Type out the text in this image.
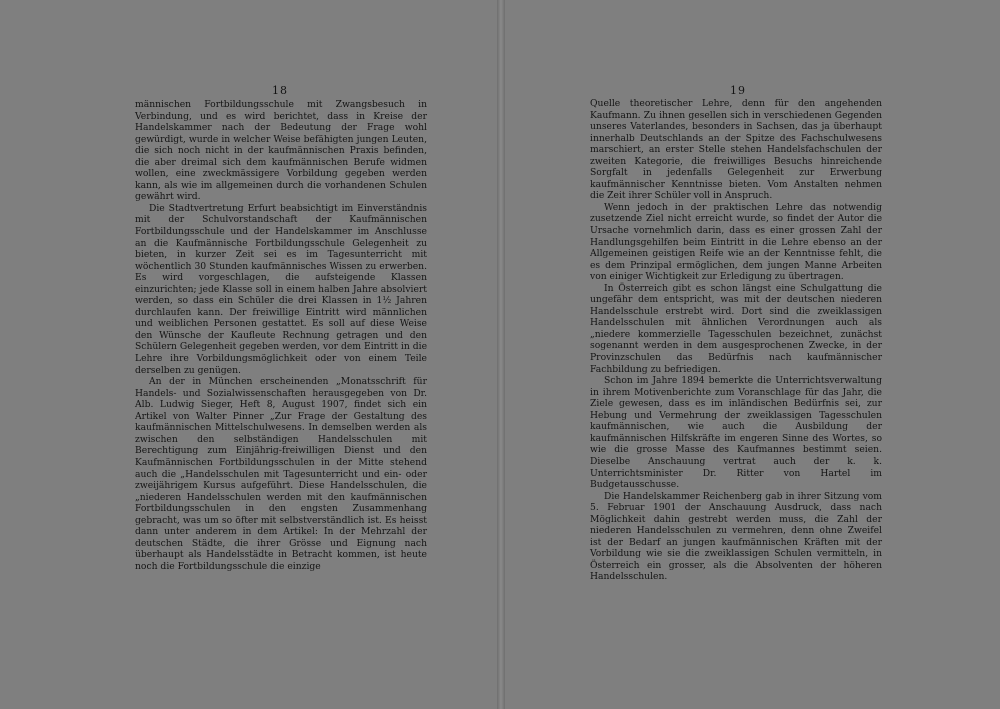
18	19

männischen Fortbildungsschule mit Zwangsbesuch in Verbindung, und es wird berichtet, dass in Kreise der Handelskammer nach der Bedeutung der Frage wohl gewürdigt, wurde in welcher Weise befähigten jungen Leuten, die sich noch nicht in der kaufmännischen Praxis befinden, die aber dreimal sich dem kaufmännischen Berufe widmen wollen, eine zweckmässigere Vorbildung gegeben werden kann, als wie im allgemeinen durch die vorhandenen Schulen gewährt wird.

Die Stadtvertretung Erfurt beabsichtigt im Einverständnis mit der Schulvorstandschaft der Kaufmännischen Fortbildungsschule und der Handelskammer im Anschlusse an die Kaufmännische Fortbildungsschule Gelegenheit zu bieten, in kurzer Zeit sei es im Tagesunterricht mit wöchentlich 30 Stunden kaufmännisches Wissen zu erwerben. Es wird vorgeschlagen, die aufsteigende Klassen einzurichten; jede Klasse soll in einem halben Jahre absolviert werden, so dass ein Schüler die drei Klassen in 1½ Jahren durchlaufen kann. Der freiwillige Eintritt wird männlichen und weiblichen Personen gestattet. Es soll auf diese Weise den Wünsche der Kaufleute Rechnung getragen und den Schülern Gelegenheit gegeben werden, vor dem Eintritt in die Lehre ihre Vorbildungsmöglichkeit oder von einem Teile derselben zu genügen.

An der in München erscheinenden „Monatsschrift für Handels- und Sozialwissenschaften herausgegeben von Dr. Alb. Ludwig Sieger, Heft 8, August 1907, findet sich ein Artikel von Walter Pinner „Zur Frage der Gestaltung des kaufmännischen Mittelschulwesens. In demselben werden als zwischen den selbständigen Handelsschulen mit Berechtigung zum Einjährig-freiwilligen Dienst und den Kaufmännischen Fortbildungsschulen in der Mitte stehend auch die „Handelsschulen mit Tagesunterricht und ein- oder zweijährigem Kursus aufgeführt. Diese Handelsschulen, die „niederen Handelsschulen werden mit den kaufmännischen Fortbildungsschulen in den engsten Zusammenhang gebracht, was um so öfter mit selbstverständlich ist. Es heisst dann unter anderem in dem Artikel: In der Mehrzahl der deutschen Städte, die ihrer Grösse und Eignung nach überhaupt als Handelsstädte in Betracht kommen, ist heute noch die Fortbildungsschule die einzige

Quelle theoretischer Lehre, denn für den angehenden Kaufmann. Zu ihnen gesellen sich in verschiedenen Gegenden unseres Vaterlandes, besonders in Sachsen, das ja überhaupt innerhalb Deutschlands an der Spitze des Fachschulwesens marschiert, an erster Stelle stehen Handelsfachschulen der zweiten Kategorie, die freiwilliges Besuchs hinreichende Sorgfalt in jedenfalls Gelegenheit zur Erwerbung kaufmännischer Kenntnisse bieten. Vom Anstalten nehmen die Zeit ihrer Schüler voll in Anspruch.

Wenn jedoch in der praktischen Lehre das notwendig zusetzende Ziel nicht erreicht wurde, so findet der Autor die Ursache vornehmlich darin, dass es einer grossen Zahl der Handlungsgehilfen beim Eintritt in die Lehre ebenso an der Allgemeinen geistigen Reife wie an der Kenntnisse fehlt, die es dem Prinzipal ermöglichen, dem jungen Manne Arbeiten von einiger Wichtigkeit zur Erledigung zu übertragen.

In Österreich gibt es schon längst eine Schulgattung die ungefähr dem entspricht, was mit der deutschen niederen Handelsschule erstrebt wird. Dort sind die zweiklassigen Handelsschulen mit ähnlichen Verordnungen auch als „niedere kommerzielle Tagesschulen bezeichnet, zunächst sogenannt werden in dem ausgesprochenen Zwecke, in der Provinzschulen das Bedürfnis nach kaufmännischer Fachbildung zu befriedigen.

Schon im Jahre 1894 bemerkte die Unterrichtsverwaltung in ihrem Motivenberichte zum Voranschlage für das Jahr, die Ziele gewesen, dass es im inländischen Bedürfnis sei, zur Hebung und Vermehrung der zweiklassigen Tagesschulen kaufmännischen, wie auch die Ausbildung der kaufmännischen Hilfskräfte im engeren Sinne des Wortes, so wie die grosse Masse des Kaufmannes bestimmt seien. Dieselbe Anschauung vertrat auch der k. k. Unterrichtsminister Dr. Ritter von Hartel im Budgetausschusse.

Die Handelskammer Reichenberg gab in ihrer Sitzung vom 5. Februar 1901 der Anschauung Ausdruck, dass nach Möglichkeit dahin gestrebt werden muss, die Zahl der niederen Handelsschulen zu vermehren, denn ohne Zweifel ist der Bedarf an jungen kaufmännischen Kräften mit der Vorbildung wie sie die zweiklassigen Schulen vermitteln, in Österreich ein grosser, als die Absolventen der höheren Handelsschulen.
